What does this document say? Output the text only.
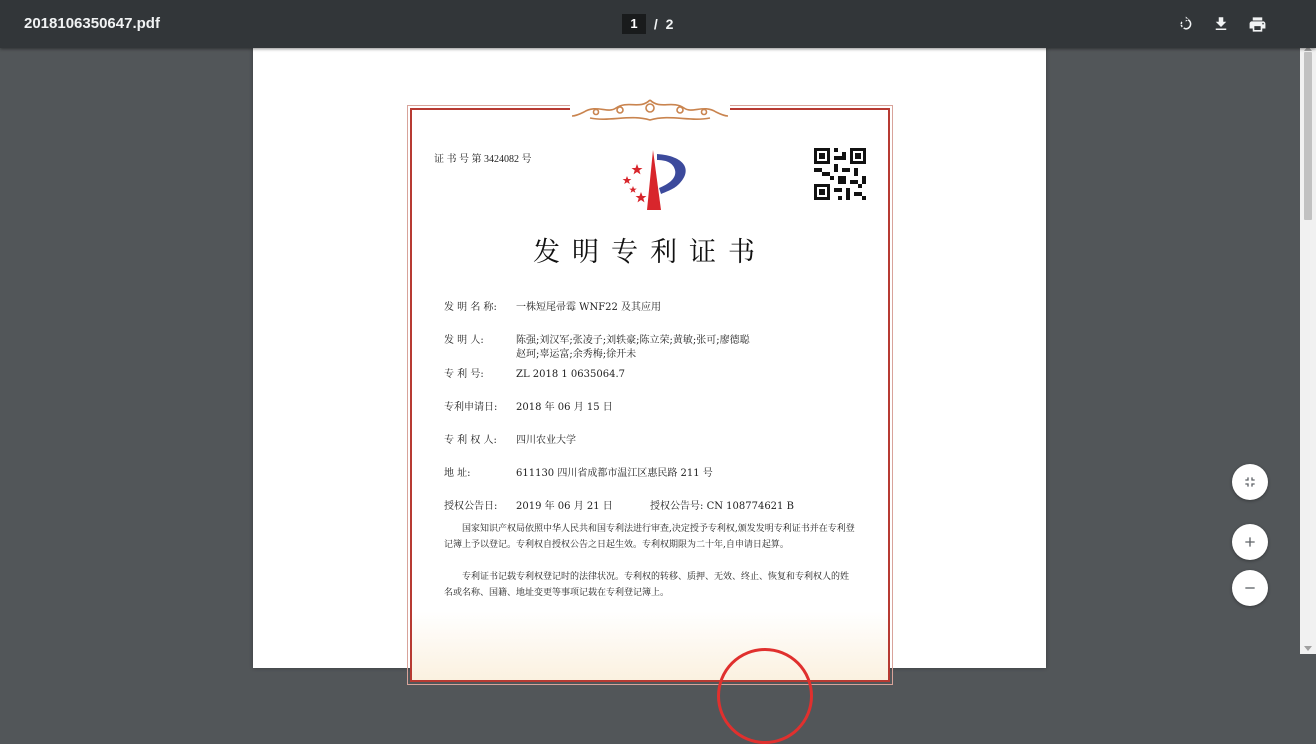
2018106350647.pdf	1 / 2
证 书 号 第 3424082 号
发明专利证书
发 明 名 称: 一株短尾帚霉 WNF22 及其应用
发 明 人:	陈强;刘汉军;张凌子;刘轶豪;陈立荣;黄敏;张可;廖德聪
赵珂;辜运富;余秀梅;徐开未
专 利 号:	ZL 2018 1 0635064.7
专利申请日: 2018 年 06 月 15 日
专 利 权 人: 四川农业大学
地 址:	611130 四川省成都市温江区惠民路 211 号
授权公告日: 2019 年 06 月 21 日	授权公告号: CN 108774621 B
国家知识产权局依照中华人民共和国专利法进行审查,决定授予专利权,颁发发明专利证书并在专利登记簿上予以登记。专利权自授权公告之日起生效。专利权期限为二十年,自申请日起算。
专利证书记载专利权登记时的法律状况。专利权的转移、质押、无效、终止、恢复和专利权人的姓名或名称、国籍、地址变更等事项记载在专利登记簿上。
